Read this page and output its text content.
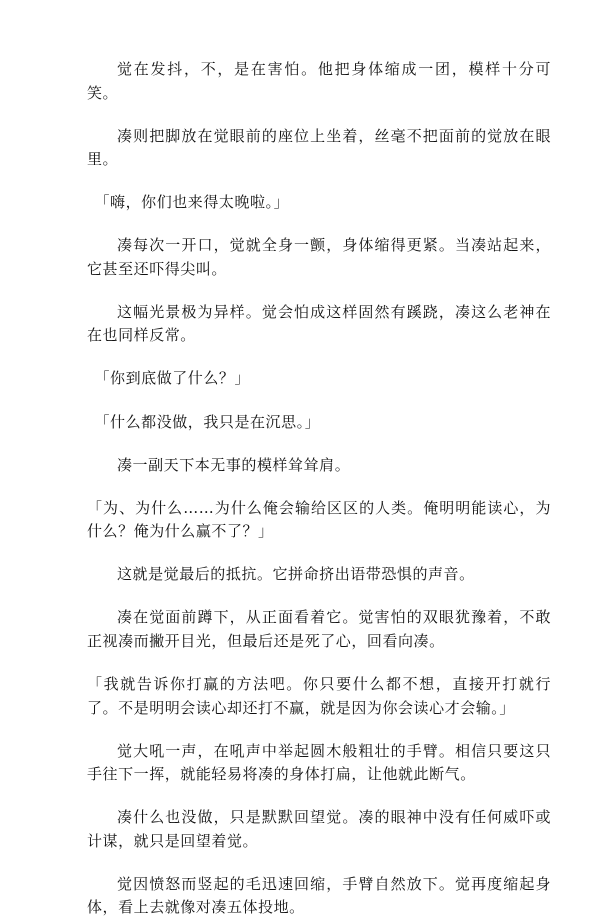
觉在发抖，不，是在害怕。他把身体缩成一团，模样十分可笑。

凑则把脚放在觉眼前的座位上坐着，丝毫不把面前的觉放在眼里。

「嗨，你们也来得太晚啦。」

凑每次一开口，觉就全身一颤，身体缩得更紧。当凑站起来，它甚至还吓得尖叫。

这幅光景极为异样。觉会怕成这样固然有蹊跷，凑这么老神在在也同样反常。

「你到底做了什么？」

「什么都没做，我只是在沉思。」

凑一副天下本无事的模样耸耸肩。

「为、为什么……为什么俺会输给区区的人类。俺明明能读心，为什么？俺为什么赢不了？」

这就是觉最后的抵抗。它拼命挤出语带恐惧的声音。

凑在觉面前蹲下，从正面看着它。觉害怕的双眼犹豫着，不敢正视凑而撇开目光，但最后还是死了心，回看向凑。

「我就告诉你打赢的方法吧。你只要什么都不想，直接开打就行了。不是明明会读心却还打不赢，就是因为你会读心才会输。」

觉大吼一声，在吼声中举起圆木般粗壮的手臂。相信只要这只手往下一挥，就能轻易将凑的身体打扁，让他就此断气。

凑什么也没做，只是默默回望觉。凑的眼神中没有任何威吓或计谋，就只是回望着觉。

觉因愤怒而竖起的毛迅速回缩，手臂自然放下。觉再度缩起身体，看上去就像对凑五体投地。
